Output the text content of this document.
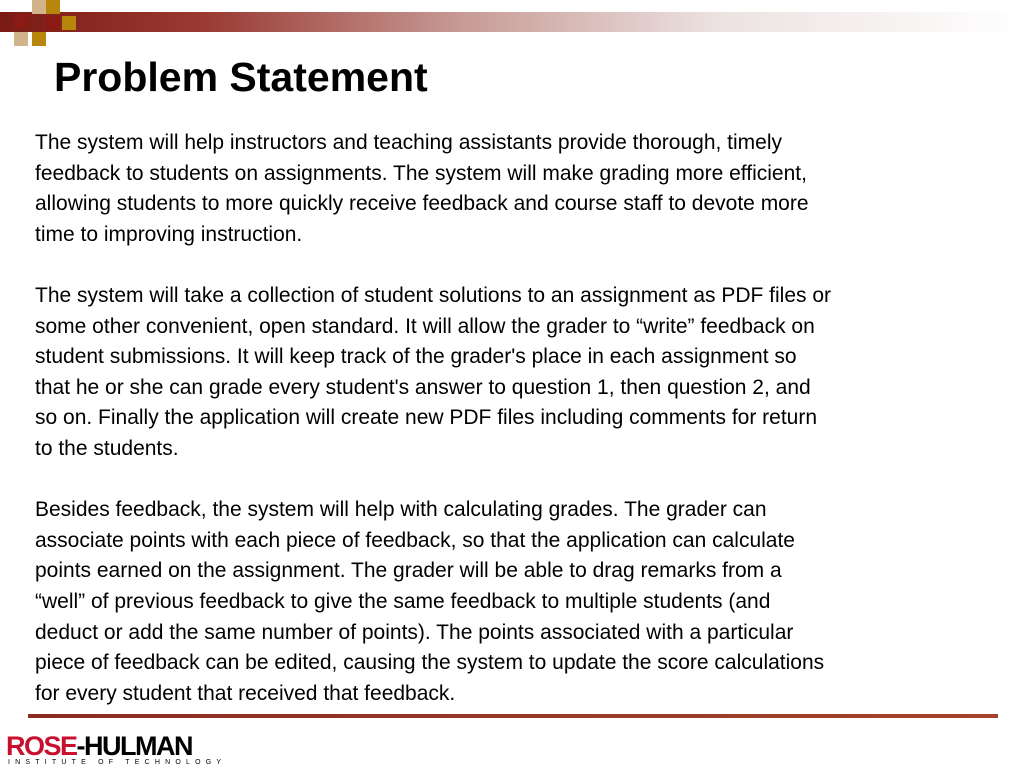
Problem Statement

The system will help instructors and teaching assistants provide thorough, timely
feedback to students on assignments. The system will make grading more efficient,
allowing students to more quickly receive feedback and course staff to devote more
time to improving instruction.

The system will take a collection of student solutions to an assignment as PDF files or
some other convenient, open standard. It will allow the grader to “write” feedback on
student submissions. It will keep track of the grader's place in each assignment so
that he or she can grade every student's answer to question 1, then question 2, and
so on. Finally the application will create new PDF files including comments for return
to the students.

Besides feedback, the system will help with calculating grades. The grader can
associate points with each piece of feedback, so that the application can calculate
points earned on the assignment. The grader will be able to drag remarks from a
“well” of previous feedback to give the same feedback to multiple students (and
deduct or add the same number of points). The points associated with a particular
piece of feedback can be edited, causing the system to update the score calculations
for every student that received that feedback.

ROSE-HULMAN
INSTITUTE OF TECHNOLOGY
